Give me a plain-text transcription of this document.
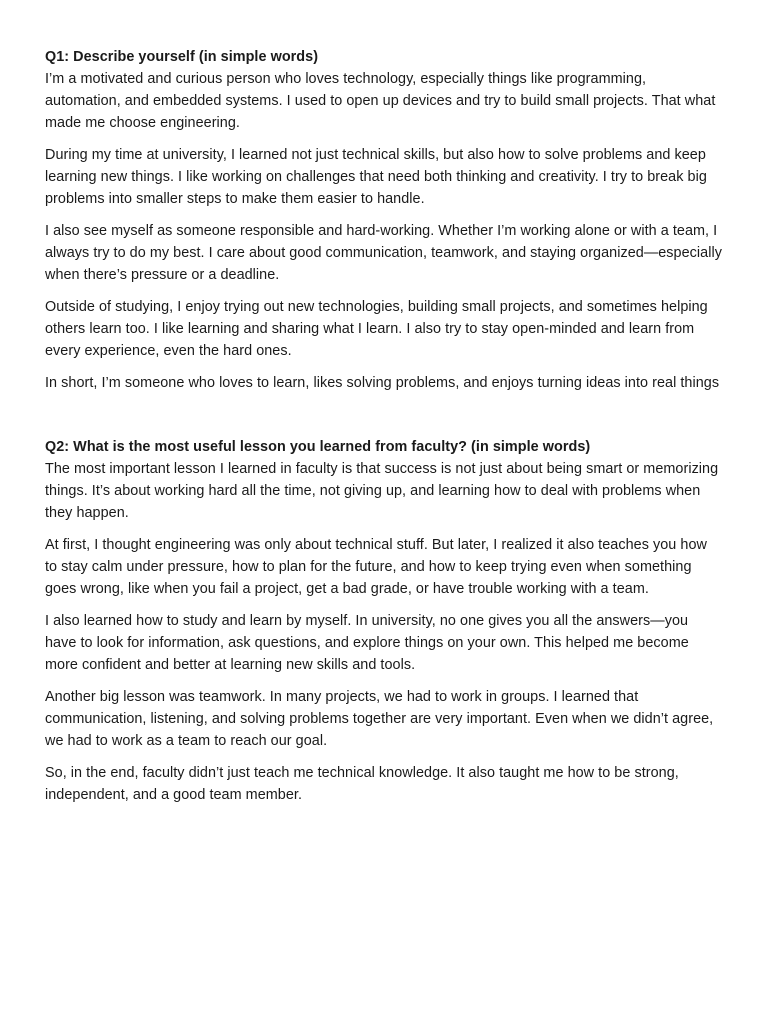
Q1: Describe yourself (in simple words)

I’m a motivated and curious person who loves technology, especially things like programming, automation, and embedded systems. I used to open up devices and try to build small projects. That what made me choose engineering.

During my time at university, I learned not just technical skills, but also how to solve problems and keep learning new things. I like working on challenges that need both thinking and creativity. I try to break big problems into smaller steps to make them easier to handle.

I also see myself as someone responsible and hard-working. Whether I’m working alone or with a team, I always try to do my best. I care about good communication, teamwork, and staying organized—especially when there’s pressure or a deadline.

Outside of studying, I enjoy trying out new technologies, building small projects, and sometimes helping others learn too. I like learning and sharing what I learn. I also try to stay open-minded and learn from every experience, even the hard ones.

In short, I’m someone who loves to learn, likes solving problems, and enjoys turning ideas into real things

Q2: What is the most useful lesson you learned from faculty? (in simple words)

The most important lesson I learned in faculty is that success is not just about being smart or memorizing things. It’s about working hard all the time, not giving up, and learning how to deal with problems when they happen.

At first, I thought engineering was only about technical stuff. But later, I realized it also teaches you how to stay calm under pressure, how to plan for the future, and how to keep trying even when something goes wrong, like when you fail a project, get a bad grade, or have trouble working with a team.

I also learned how to study and learn by myself. In university, no one gives you all the answers—you have to look for information, ask questions, and explore things on your own. This helped me become more confident and better at learning new skills and tools.

Another big lesson was teamwork. In many projects, we had to work in groups. I learned that communication, listening, and solving problems together are very important. Even when we didn’t agree, we had to work as a team to reach our goal.

So, in the end, faculty didn’t just teach me technical knowledge. It also taught me how to be strong, independent, and a good team member.
